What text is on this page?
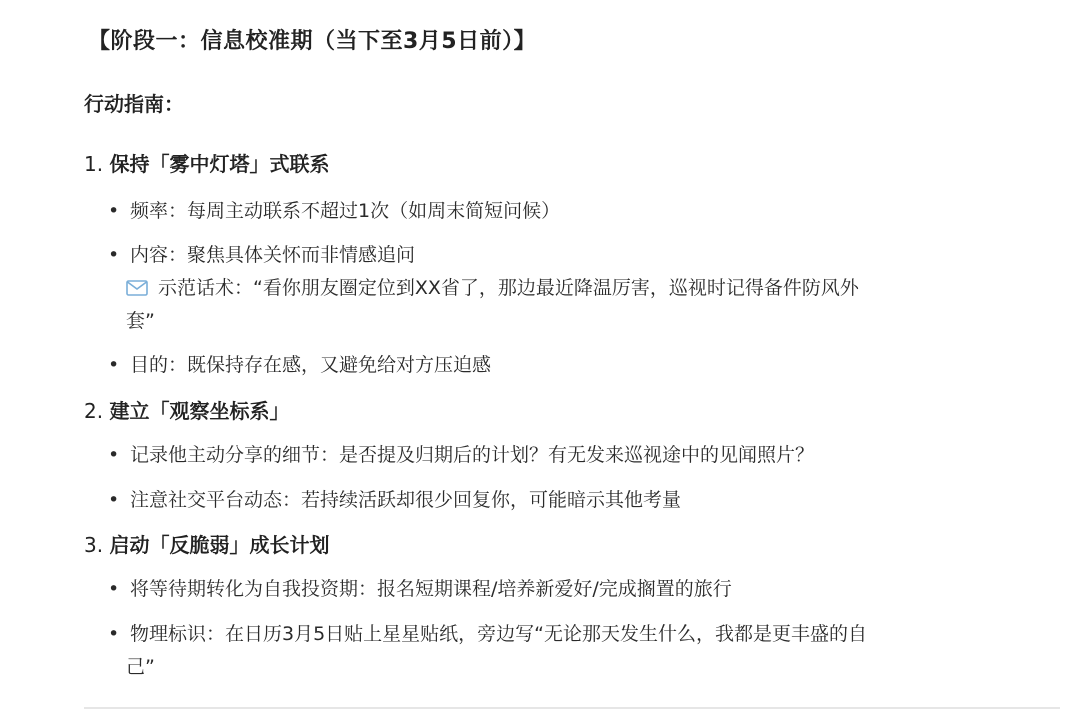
【阶段一：信息校准期（当下至3月5日前）】
行动指南：
1. 保持「雾中灯塔」式联系
• 频率：每周主动联系不超过1次（如周末简短问候）
• 内容：聚焦具体关怀而非情感追问
示范话术：“看你朋友圈定位到XX省了，那边最近降温厉害，巡视时记得备件防风外
套”
• 目的：既保持存在感，又避免给对方压迫感
2. 建立「观察坐标系」
• 记录他主动分享的细节：是否提及归期后的计划？有无发来巡视途中的见闻照片？
• 注意社交平台动态：若持续活跃却很少回复你，可能暗示其他考量
3. 启动「反脆弱」成长计划
• 将等待期转化为自我投资期：报名短期课程/培养新爱好/完成搁置的旅行
• 物理标识：在日历3月5日贴上星星贴纸，旁边写“无论那天发生什么，我都是更丰盛的自
己”
